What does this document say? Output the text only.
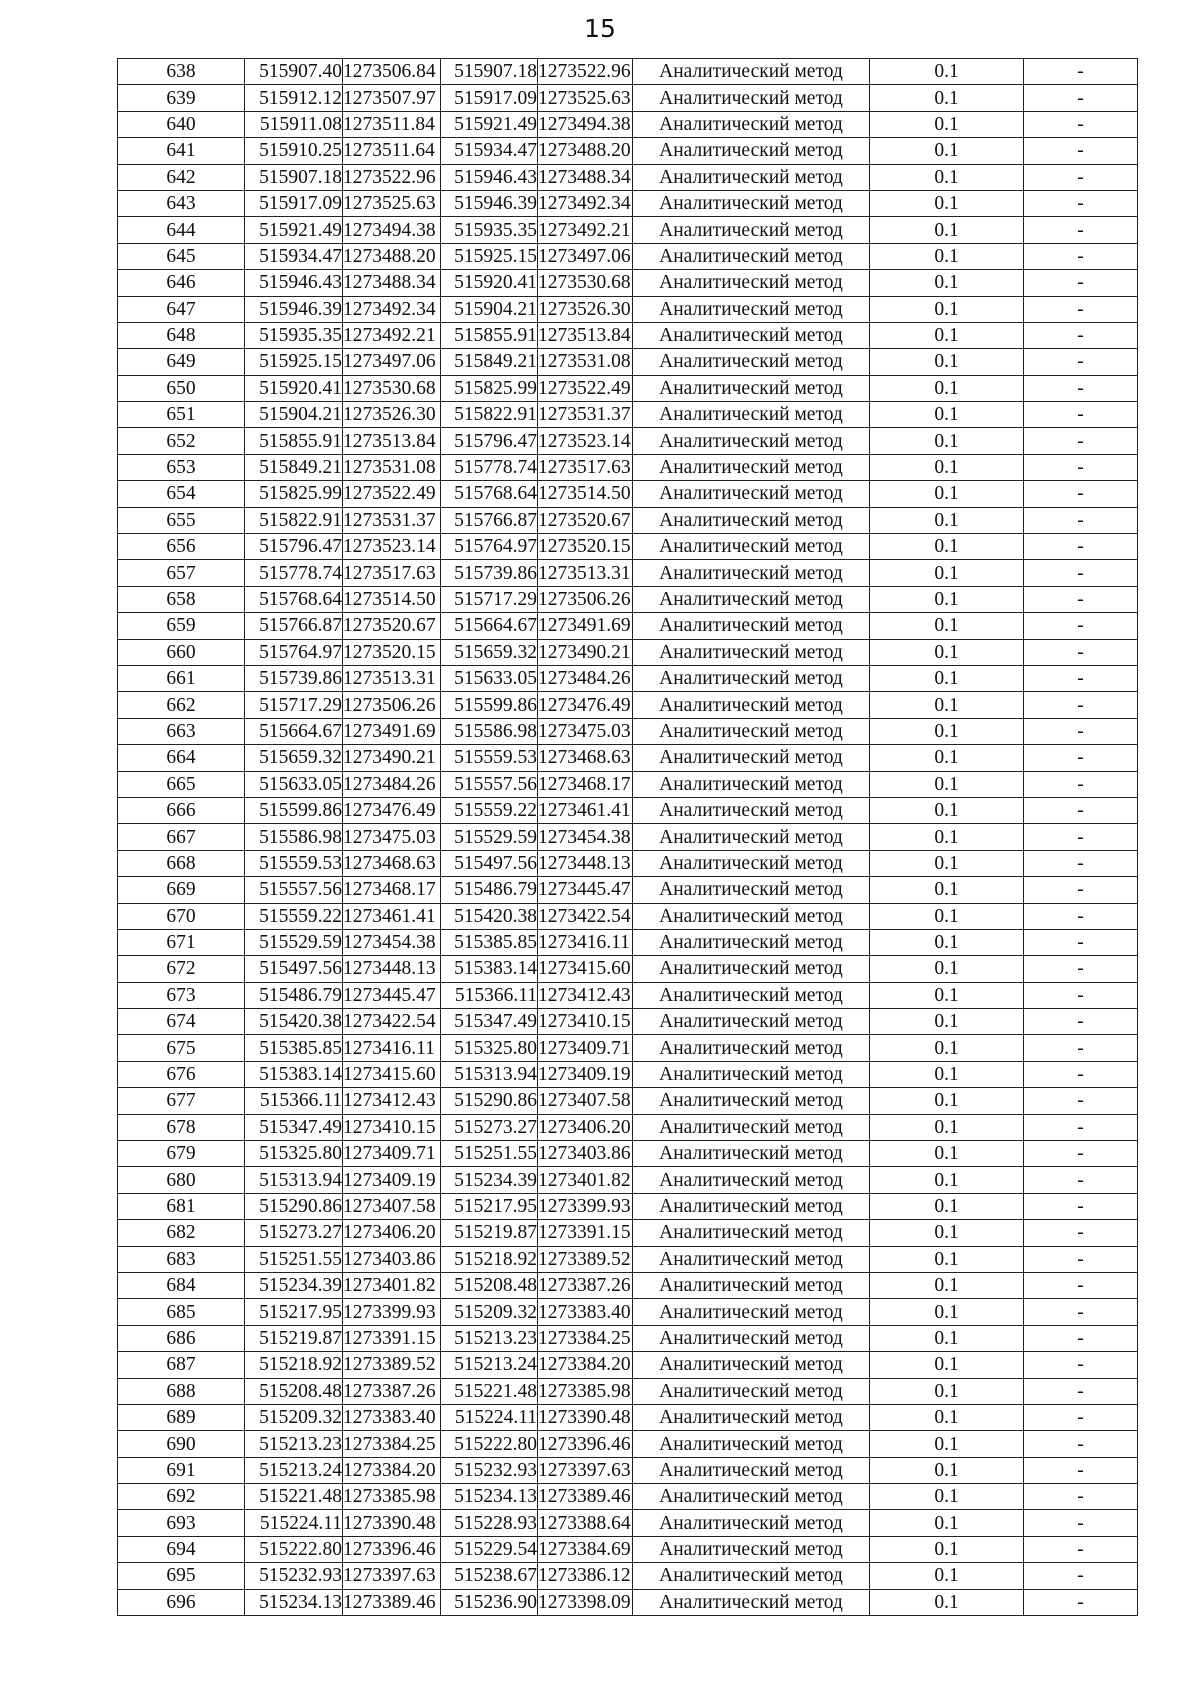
15
638	515907.40	1273506.84	515907.18	1273522.96	Аналитический метод	0.1	-
639	515912.12	1273507.97	515917.09	1273525.63	Аналитический метод	0.1	-
640	515911.08	1273511.84	515921.49	1273494.38	Аналитический метод	0.1	-
641	515910.25	1273511.64	515934.47	1273488.20	Аналитический метод	0.1	-
642	515907.18	1273522.96	515946.43	1273488.34	Аналитический метод	0.1	-
643	515917.09	1273525.63	515946.39	1273492.34	Аналитический метод	0.1	-
644	515921.49	1273494.38	515935.35	1273492.21	Аналитический метод	0.1	-
645	515934.47	1273488.20	515925.15	1273497.06	Аналитический метод	0.1	-
646	515946.43	1273488.34	515920.41	1273530.68	Аналитический метод	0.1	-
647	515946.39	1273492.34	515904.21	1273526.30	Аналитический метод	0.1	-
648	515935.35	1273492.21	515855.91	1273513.84	Аналитический метод	0.1	-
649	515925.15	1273497.06	515849.21	1273531.08	Аналитический метод	0.1	-
650	515920.41	1273530.68	515825.99	1273522.49	Аналитический метод	0.1	-
651	515904.21	1273526.30	515822.91	1273531.37	Аналитический метод	0.1	-
652	515855.91	1273513.84	515796.47	1273523.14	Аналитический метод	0.1	-
653	515849.21	1273531.08	515778.74	1273517.63	Аналитический метод	0.1	-
654	515825.99	1273522.49	515768.64	1273514.50	Аналитический метод	0.1	-
655	515822.91	1273531.37	515766.87	1273520.67	Аналитический метод	0.1	-
656	515796.47	1273523.14	515764.97	1273520.15	Аналитический метод	0.1	-
657	515778.74	1273517.63	515739.86	1273513.31	Аналитический метод	0.1	-
658	515768.64	1273514.50	515717.29	1273506.26	Аналитический метод	0.1	-
659	515766.87	1273520.67	515664.67	1273491.69	Аналитический метод	0.1	-
660	515764.97	1273520.15	515659.32	1273490.21	Аналитический метод	0.1	-
661	515739.86	1273513.31	515633.05	1273484.26	Аналитический метод	0.1	-
662	515717.29	1273506.26	515599.86	1273476.49	Аналитический метод	0.1	-
663	515664.67	1273491.69	515586.98	1273475.03	Аналитический метод	0.1	-
664	515659.32	1273490.21	515559.53	1273468.63	Аналитический метод	0.1	-
665	515633.05	1273484.26	515557.56	1273468.17	Аналитический метод	0.1	-
666	515599.86	1273476.49	515559.22	1273461.41	Аналитический метод	0.1	-
667	515586.98	1273475.03	515529.59	1273454.38	Аналитический метод	0.1	-
668	515559.53	1273468.63	515497.56	1273448.13	Аналитический метод	0.1	-
669	515557.56	1273468.17	515486.79	1273445.47	Аналитический метод	0.1	-
670	515559.22	1273461.41	515420.38	1273422.54	Аналитический метод	0.1	-
671	515529.59	1273454.38	515385.85	1273416.11	Аналитический метод	0.1	-
672	515497.56	1273448.13	515383.14	1273415.60	Аналитический метод	0.1	-
673	515486.79	1273445.47	515366.11	1273412.43	Аналитический метод	0.1	-
674	515420.38	1273422.54	515347.49	1273410.15	Аналитический метод	0.1	-
675	515385.85	1273416.11	515325.80	1273409.71	Аналитический метод	0.1	-
676	515383.14	1273415.60	515313.94	1273409.19	Аналитический метод	0.1	-
677	515366.11	1273412.43	515290.86	1273407.58	Аналитический метод	0.1	-
678	515347.49	1273410.15	515273.27	1273406.20	Аналитический метод	0.1	-
679	515325.80	1273409.71	515251.55	1273403.86	Аналитический метод	0.1	-
680	515313.94	1273409.19	515234.39	1273401.82	Аналитический метод	0.1	-
681	515290.86	1273407.58	515217.95	1273399.93	Аналитический метод	0.1	-
682	515273.27	1273406.20	515219.87	1273391.15	Аналитический метод	0.1	-
683	515251.55	1273403.86	515218.92	1273389.52	Аналитический метод	0.1	-
684	515234.39	1273401.82	515208.48	1273387.26	Аналитический метод	0.1	-
685	515217.95	1273399.93	515209.32	1273383.40	Аналитический метод	0.1	-
686	515219.87	1273391.15	515213.23	1273384.25	Аналитический метод	0.1	-
687	515218.92	1273389.52	515213.24	1273384.20	Аналитический метод	0.1	-
688	515208.48	1273387.26	515221.48	1273385.98	Аналитический метод	0.1	-
689	515209.32	1273383.40	515224.11	1273390.48	Аналитический метод	0.1	-
690	515213.23	1273384.25	515222.80	1273396.46	Аналитический метод	0.1	-
691	515213.24	1273384.20	515232.93	1273397.63	Аналитический метод	0.1	-
692	515221.48	1273385.98	515234.13	1273389.46	Аналитический метод	0.1	-
693	515224.11	1273390.48	515228.93	1273388.64	Аналитический метод	0.1	-
694	515222.80	1273396.46	515229.54	1273384.69	Аналитический метод	0.1	-
695	515232.93	1273397.63	515238.67	1273386.12	Аналитический метод	0.1	-
696	515234.13	1273389.46	515236.90	1273398.09	Аналитический метод	0.1	-
